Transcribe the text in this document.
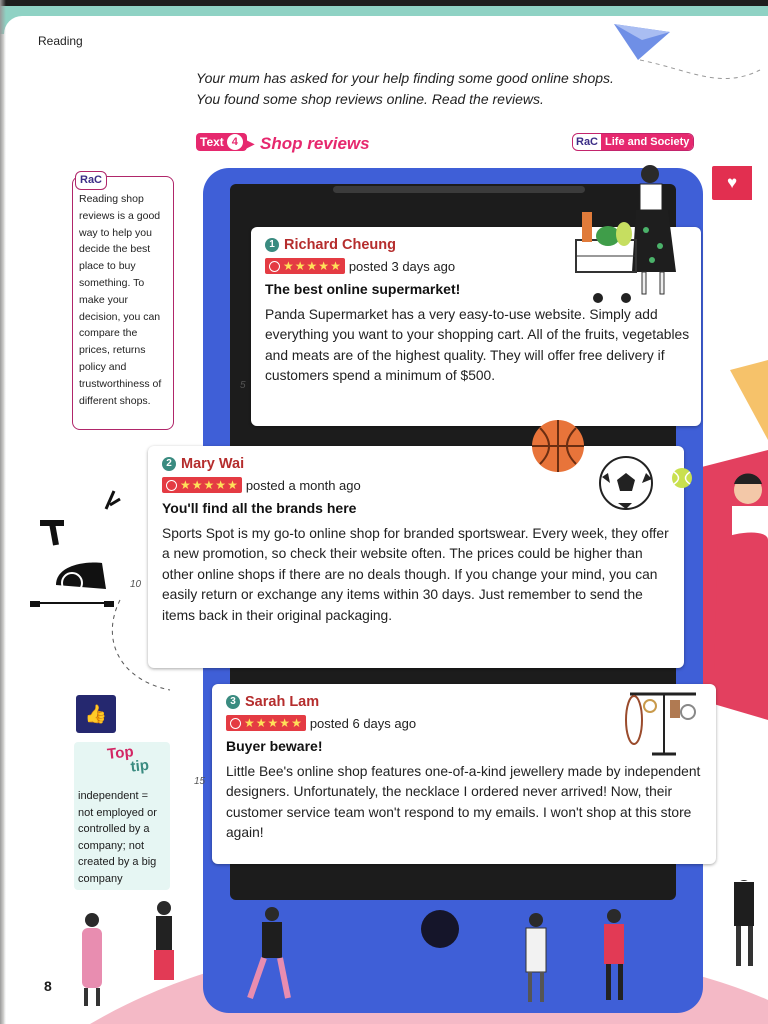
Reading
Your mum has asked for your help finding some good online shops.
You found some shop reviews online. Read the reviews.
Text 4 ▶ Shop reviews	RaC Life and Society
RaC
Reading shop reviews is a good way to help you decide the best place to buy something. To make your decision, you can compare the prices, returns policy and trustworthiness of different shops.
♥
1 Richard Cheung
★ ★ ★ ★ ★ posted 3 days ago
The best online supermarket!
Panda Supermarket has a very easy-to-use website. Simply add everything you want to your shopping cart. All of the fruits, vegetables and meats are of the highest quality. They will offer free delivery if customers spend a minimum of $500.
2 Mary Wai
★ ★ ★ ★ ★ posted a month ago
You'll find all the brands here
Sports Spot is my go-to online shop for branded sportswear. Every week, they offer a new promotion, so check their website often. The prices could be higher than other online shops if there are no deals though. If you change your mind, you can easily return or exchange any items within 30 days. Just remember to send the items back in their original packaging.
3 Sarah Lam
★ ★ ★ ★ ★ posted 6 days ago
Buyer beware!
Little Bee's online shop features one-of-a-kind jewellery made by independent designers. Unfortunately, the necklace I ordered never arrived! Now, their customer service team won't respond to my emails. I won't shop at this store again!
5
10
15
👍
independent = not employed or controlled by a company; not created by a big company
Top
tip
8
